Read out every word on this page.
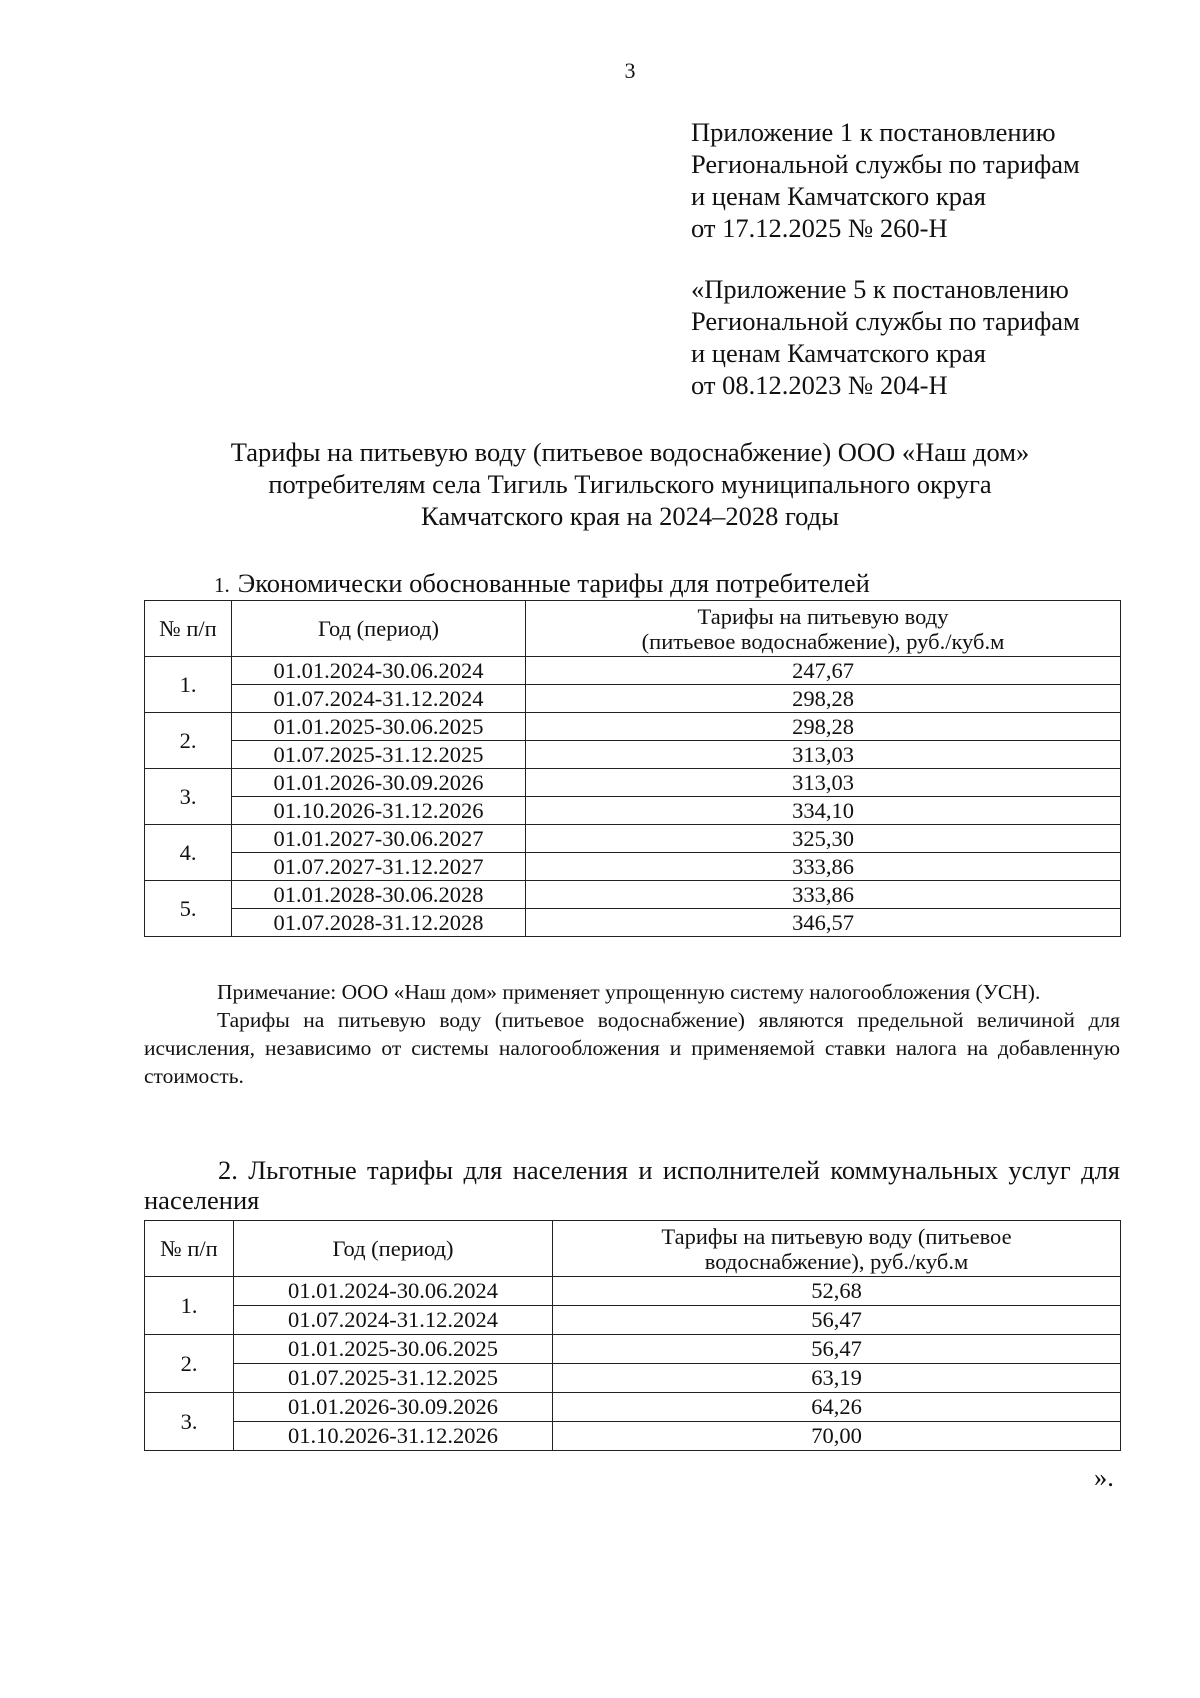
3
Приложение 1 к постановлению
Региональной службы по тарифам
и ценам Камчатского края
от 17.12.2025 № 260-Н
«Приложение 5 к постановлению
Региональной службы по тарифам
и ценам Камчатского края
от 08.12.2023 № 204-Н
Тарифы на питьевую воду (питьевое водоснабжение) ООО «Наш дом»
потребителям села Тигиль Тигильского муниципального округа
Камчатского края на 2024–2028 годы
1. Экономически обоснованные тарифы для потребителей
№ п/п	Год (период)	Тарифы на питьевую воду
(питьевое водоснабжение), руб./куб.м

1.	01.01.2024-30.06.2024	247,67
	01.07.2024-31.12.2024	298,28
2.	01.01.2025-30.06.2025	298,28
	01.07.2025-31.12.2025	313,03
3.	01.01.2026-30.09.2026	313,03
	01.10.2026-31.12.2026	334,10
4.	01.01.2027-30.06.2027	325,30
	01.07.2027-31.12.2027	333,86
5.	01.01.2028-30.06.2028	333,86
	01.07.2028-31.12.2028	346,57

Примечание: ООО «Наш дом» применяет упрощенную систему налогообложения (УСН).

Тарифы на питьевую воду (питьевое водоснабжение) являются предельной величиной для исчисления, независимо от системы налогообложения и применяемой ставки налога на добавленную стоимость.

2. Льготные тарифы для населения и исполнителей коммунальных услуг для населения
№ п/п	Год (период)	Тарифы на питьевую воду (питьевое
водоснабжение), руб./куб.м

1.	01.01.2024-30.06.2024	52,68
	01.07.2024-31.12.2024	56,47
2.	01.01.2025-30.06.2025	56,47
	01.07.2025-31.12.2025	63,19
3.	01.01.2026-30.09.2026	64,26
	01.10.2026-31.12.2026	70,00
».
